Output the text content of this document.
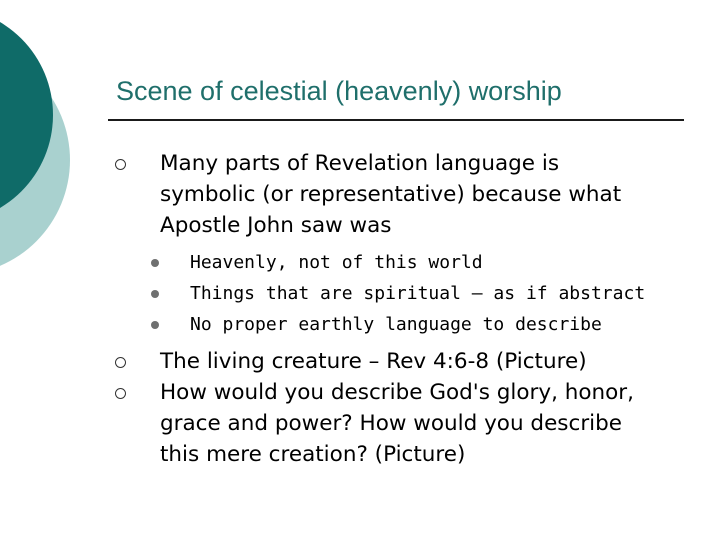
Scene of celestial (heavenly) worship
Many parts of Revelation language is symbolic (or representative) because what Apostle John saw was
Heavenly, not of this world
Things that are spiritual – as if abstract
No proper earthly language to describe
The living creature – Rev 4:6-8 (Picture)
How would you describe God's glory, honor, grace and power? How would you describe this mere creation? (Picture)
